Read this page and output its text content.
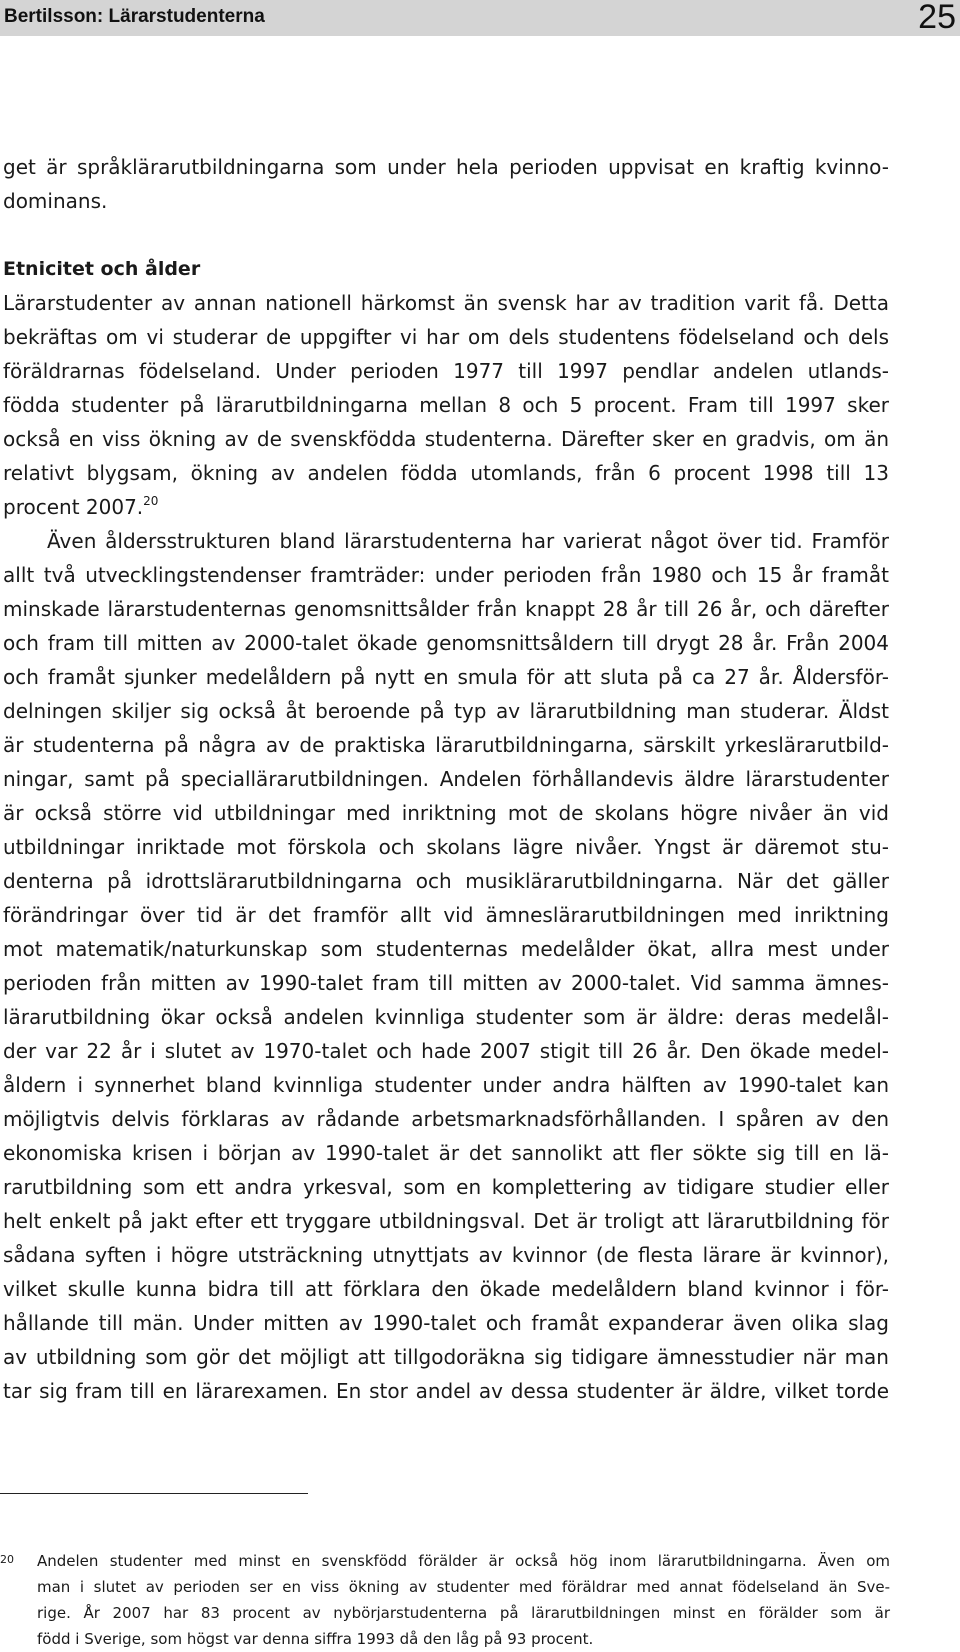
Bertilsson: Lärarstudenterna	25
get är språklärarutbildningarna som under hela perioden uppvisat en kraftig kvinno-
dominans.
Etnicitet och ålder
Lärarstudenter av annan nationell härkomst än svensk har av tradition varit få. Detta
bekräftas om vi studerar de uppgifter vi har om dels studentens födelseland och dels
föräldrarnas födelseland. Under perioden 1977 till 1997 pendlar andelen utlands-
födda studenter på lärarutbildningarna mellan 8 och 5 procent. Fram till 1997 sker
också en viss ökning av de svenskfödda studenterna. Därefter sker en gradvis, om än
relativt blygsam, ökning av andelen födda utomlands, från 6 procent 1998 till 13
procent 2007.20
Även åldersstrukturen bland lärarstudenterna har varierat något över tid. Framför
allt två utvecklingstendenser framträder: under perioden från 1980 och 15 år framåt
minskade lärarstudenternas genomsnittsålder från knappt 28 år till 26 år, och därefter
och fram till mitten av 2000-talet ökade genomsnittsåldern till drygt 28 år. Från 2004
och framåt sjunker medelåldern på nytt en smula för att sluta på ca 27 år. Åldersför-
delningen skiljer sig också åt beroende på typ av lärarutbildning man studerar. Äldst
är studenterna på några av de praktiska lärarutbildningarna, särskilt yrkeslärarutbild-
ningar, samt på speciallärarutbildningen. Andelen förhållandevis äldre lärarstudenter
är också större vid utbildningar med inriktning mot de skolans högre nivåer än vid
utbildningar inriktade mot förskola och skolans lägre nivåer. Yngst är däremot stu-
denterna på idrottslärarutbildningarna och musiklärarutbildningarna. När det gäller
förändringar över tid är det framför allt vid ämneslärarutbildningen med inriktning
mot matematik/naturkunskap som studenternas medelålder ökat, allra mest under
perioden från mitten av 1990-talet fram till mitten av 2000-talet. Vid samma ämnes-
lärarutbildning ökar också andelen kvinnliga studenter som är äldre: deras medelål-
der var 22 år i slutet av 1970-talet och hade 2007 stigit till 26 år. Den ökade medel-
åldern i synnerhet bland kvinnliga studenter under andra hälften av 1990-talet kan
möjligtvis delvis förklaras av rådande arbetsmarknadsförhållanden. I spåren av den
ekonomiska krisen i början av 1990-talet är det sannolikt att fler sökte sig till en lä-
rarutbildning som ett andra yrkesval, som en komplettering av tidigare studier eller
helt enkelt på jakt efter ett tryggare utbildningsval. Det är troligt att lärarutbildning för
sådana syften i högre utsträckning utnyttjats av kvinnor (de flesta lärare är kvinnor),
vilket skulle kunna bidra till att förklara den ökade medelåldern bland kvinnor i för-
hållande till män. Under mitten av 1990-talet och framåt expanderar även olika slag
av utbildning som gör det möjligt att tillgodoräkna sig tidigare ämnesstudier när man
tar sig fram till en lärarexamen. En stor andel av dessa studenter är äldre, vilket torde
20 Andelen studenter med minst en svenskfödd förälder är också hög inom lärarutbildningarna. Även om
man i slutet av perioden ser en viss ökning av studenter med föräldrar med annat födelseland än Sve-
rige. År 2007 har 83 procent av nybörjarstudenterna på lärarutbildningen minst en förälder som är
född i Sverige, som högst var denna siffra 1993 då den låg på 93 procent.
